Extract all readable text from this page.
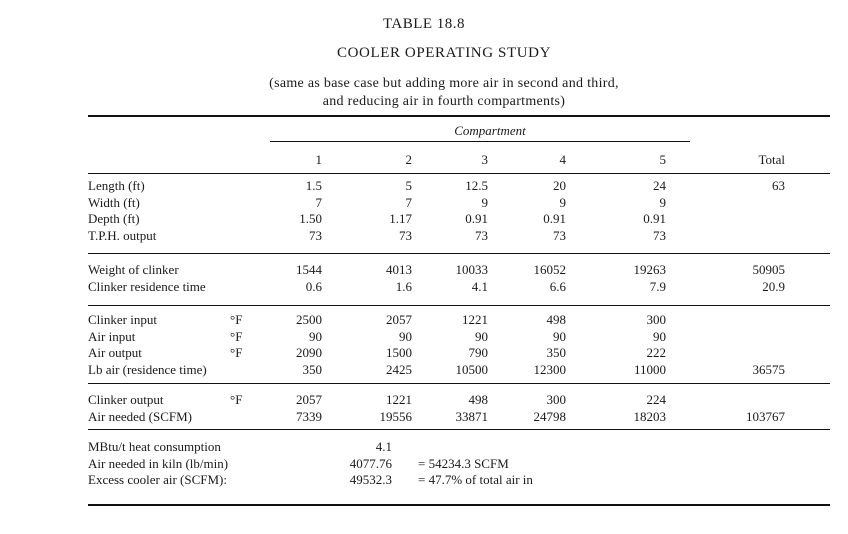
TABLE 18.8
COOLER OPERATING STUDY
(same as base case but adding more air in second and third,
and reducing air in fourth compartments)
Compartment
1	2	3	4	5	Total
Length (ft)	1.5	5	12.5	20	24	63
Width (ft)	7	7	9	9	9
Depth (ft)	1.50	1.17	0.91	0.91	0.91
T.P.H. output	73	73	73	73	73
Weight of clinker	1544	4013	10033	16052	19263	50905
Clinker residence time	0.6	1.6	4.1	6.6	7.9	20.9
Clinker input	°F	2500	2057	1221	498	300
Air input	°F	90	90	90	90	90
Air output	°F	2090	1500	790	350	222
Lb air (residence time)	350	2425	10500	12300	11000	36575
Clinker output	°F	2057	1221	498	300	224
Air needed (SCFM)	7339	19556	33871	24798	18203	103767
MBtu/t heat consumption	4.1
Air needed in kiln (lb/min)	4077.76 = 54234.3 SCFM
Excess cooler air (SCFM):	49532.3 = 47.7% of total air in
